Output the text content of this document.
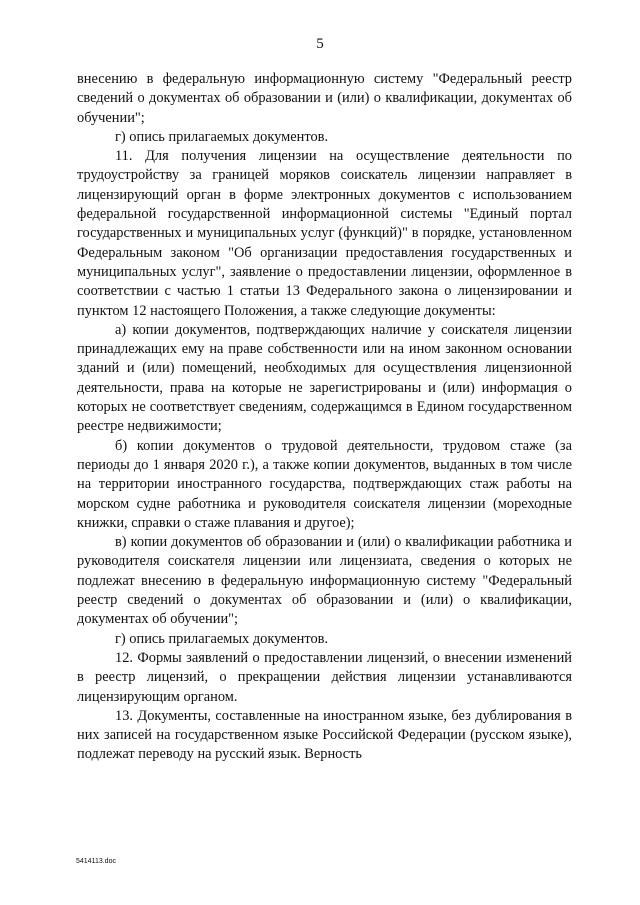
5

внесению в федеральную информационную систему "Федеральный реестр сведений о документах об образовании и (или) о квалификации, документах об обучении";

г) опись прилагаемых документов.

11. Для получения лицензии на осуществление деятельности по трудоустройству за границей моряков соискатель лицензии направляет в лицензирующий орган в форме электронных документов с использованием федеральной государственной информационной системы "Единый портал государственных и муниципальных услуг (функций)" в порядке, установленном Федеральным законом "Об организации предоставления государственных и муниципальных услуг", заявление о предоставлении лицензии, оформленное в соответствии с частью 1 статьи 13 Федерального закона о лицензировании и пунктом 12 настоящего Положения, а также следующие документы:

а) копии документов, подтверждающих наличие у соискателя лицензии принадлежащих ему на праве собственности или на ином законном основании зданий и (или) помещений, необходимых для осуществления лицензионной деятельности, права на которые не зарегистрированы и (или) информация о которых не соответствует сведениям, содержащимся в Едином государственном реестре недвижимости;

б) копии документов о трудовой деятельности, трудовом стаже (за периоды до 1 января 2020 г.), а также копии документов, выданных в том числе на территории иностранного государства, подтверждающих стаж работы на морском судне работника и руководителя соискателя лицензии (мореходные книжки, справки о стаже плавания и другое);

в) копии документов об образовании и (или) о квалификации работника и руководителя соискателя лицензии или лицензиата, сведения о которых не подлежат внесению в федеральную информационную систему "Федеральный реестр сведений о документах об образовании и (или) о квалификации, документах об обучении";

г) опись прилагаемых документов.

12. Формы заявлений о предоставлении лицензий, о внесении изменений в реестр лицензий, о прекращении действия лицензии устанавливаются лицензирующим органом.

13. Документы, составленные на иностранном языке, без дублирования в них записей на государственном языке Российской Федерации (русском языке), подлежат переводу на русский язык. Верность

5414113.doc
